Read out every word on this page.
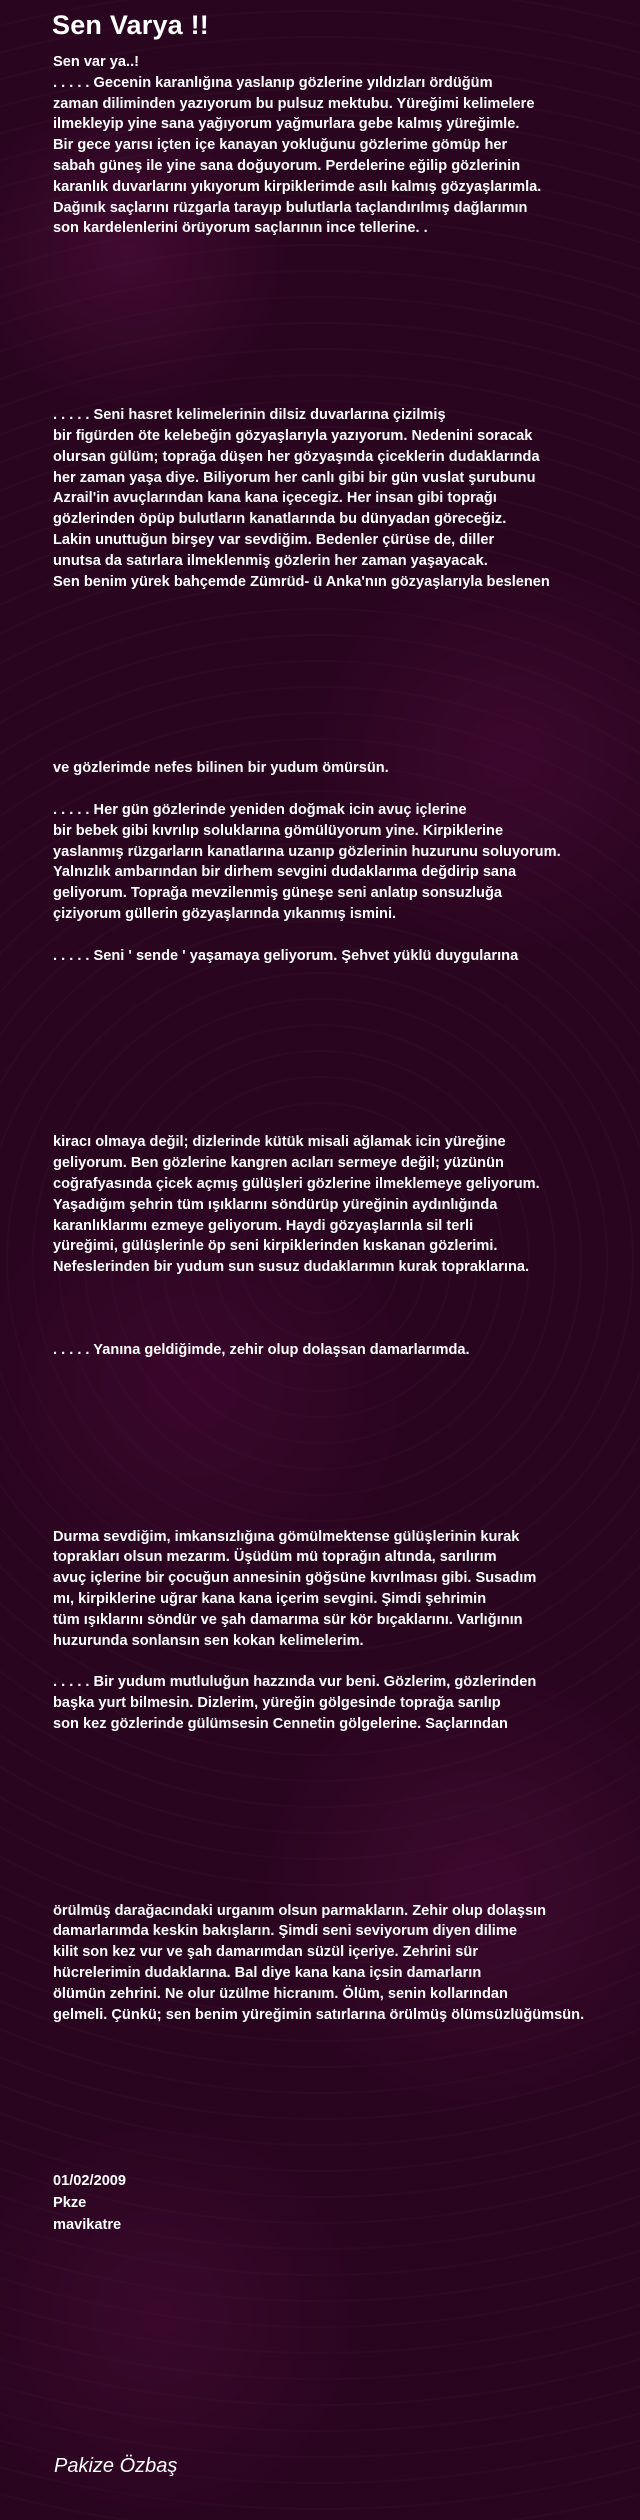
Sen Varya !!

Sen var ya..!
. . . . . Gecenin karanlığına yaslanıp gözlerine yıldızları ördüğüm
zaman diliminden yazıyorum bu pulsuz mektubu. Yüreğimi kelimelere
ilmekleyip yine sana yağıyorum yağmurlara gebe kalmış yüreğimle.
Bir gece yarısı içten içe kanayan yokluğunu gözlerime gömüp her
sabah güneş ile yine sana doğuyorum. Perdelerine eğilip gözlerinin
karanlık duvarlarını yıkıyorum kirpiklerimde asılı kalmış gözyaşlarımla.
Dağınık saçlarını rüzgarla tarayıp bulutlarla taçlandırılmış dağlarımın
son kardelenlerini örüyorum saçlarının ince tellerine. .

. . . . . Seni hasret kelimelerinin dilsiz duvarlarına çizilmiş
bir figürden öte kelebeğin gözyaşlarıyla yazıyorum. Nedenini soracak
olursan gülüm; toprağa düşen her gözyaşında çiceklerin dudaklarında
her zaman yaşa diye. Biliyorum her canlı gibi bir gün vuslat şurubunu
Azrail'in avuçlarından kana kana içecegiz. Her insan gibi toprağı
gözlerinden öpüp bulutların kanatlarında bu dünyadan göreceğiz.
Lakin unuttuğun birşey var sevdiğim. Bedenler çürüse de, diller
unutsa da satırlara ilmeklenmiş gözlerin her zaman yaşayacak.
Sen benim yürek bahçemde Zümrüd- ü Anka'nın gözyaşlarıyla beslenen

ve gözlerimde nefes bilinen bir yudum ömürsün.

. . . . . Her gün gözlerinde yeniden doğmak icin avuç içlerine
bir bebek gibi kıvrılıp soluklarına gömülüyorum yine. Kirpiklerine
yaslanmış rüzgarların kanatlarına uzanıp gözlerinin huzurunu soluyorum.
Yalnızlık ambarından bir dirhem sevgini dudaklarıma değdirip sana
geliyorum. Toprağa mevzilenmiş güneşe seni anlatıp sonsuzluğa
çiziyorum güllerin gözyaşlarında yıkanmış ismini.

. . . . . Seni ' sende ' yaşamaya geliyorum. Şehvet yüklü duygularına

kiracı olmaya değil; dizlerinde kütük misali ağlamak icin yüreğine
geliyorum. Ben gözlerine kangren acıları sermeye değil; yüzünün
coğrafyasında çicek açmış gülüşleri gözlerine ilmeklemeye geliyorum.
Yaşadığım şehrin tüm ışıklarını söndürüp yüreğinin aydınlığında
karanlıklarımı ezmeye geliyorum. Haydi gözyaşlarınla sil terli
yüreğimi, gülüşlerinle öp seni kirpiklerinden kıskanan gözlerimi.
Nefeslerinden bir yudum sun susuz dudaklarımın kurak topraklarına.

. . . . . Yanına geldiğimde, zehir olup dolaşsan damarlarımda.

Durma sevdiğim, imkansızlığına gömülmektense gülüşlerinin kurak
toprakları olsun mezarım. Üşüdüm mü toprağın altında, sarılırım
avuç içlerine bir çocuğun annesinin göğsüne kıvrılması gibi. Susadım
mı, kirpiklerine uğrar kana kana içerim sevgini. Şimdi şehrimin
tüm ışıklarını söndür ve şah damarıma sür kör bıçaklarını. Varlığının
huzurunda sonlansın sen kokan kelimelerim.

. . . . . Bir yudum mutluluğun hazzında vur beni. Gözlerim, gözlerinden
başka yurt bilmesin. Dizlerim, yüreğin gölgesinde toprağa sarılıp
son kez gözlerinde gülümsesin Cennetin gölgelerine. Saçlarından

örülmüş darağacındaki urganım olsun parmakların. Zehir olup dolaşsın
damarlarımda keskin bakışların. Şimdi seni seviyorum diyen dilime
kilit son kez vur ve şah damarımdan süzül içeriye. Zehrini sür
hücrelerimin dudaklarına. Bal diye kana kana içsin damarların
ölümün zehrini. Ne olur üzülme hicranım. Ölüm, senin kollarından
gelmeli. Çünkü; sen benim yüreğimin satırlarına örülmüş ölümsüzlüğümsün.

01/02/2009
Pkze
mavikatre
Pakize Özbaş
